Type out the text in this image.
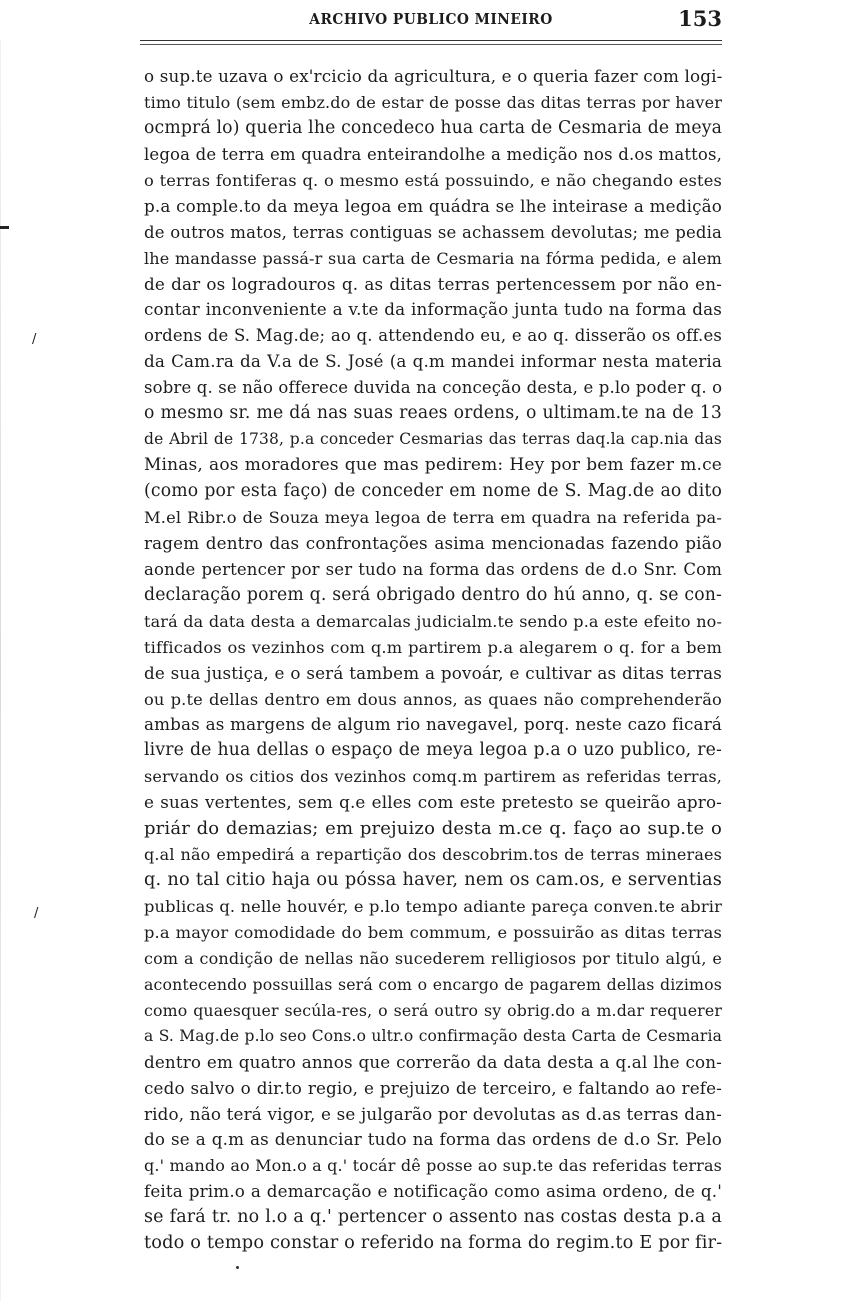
ARCHIVO PUBLICO MINEIRO	153
/
/
o sup.te uzava o ex'rcicio da agricultura, e o queria fazer com logi-
timo titulo (sem embz.do de estar de posse das ditas terras por haver
ocmprá lo) queria lhe concedeco hua carta de Cesmaria de meya
legoa de terra em quadra enteirandolhe a medição nos d.os mattos,
o terras fontiferas q. o mesmo está possuindo, e não chegando estes
p.a comple.to da meya legoa em quádra se lhe inteirase a medição
de outros matos, terras contiguas se achassem devolutas; me pedia
lhe mandasse passá-r sua carta de Cesmaria na fórma pedida, e alem
de dar os logradouros q. as ditas terras pertencessem por não en-
contar inconveniente a v.te da informação junta tudo na forma das
ordens de S. Mag.de; ao q. attendendo eu, e ao q. disserão os off.es
da Cam.ra da V.a de S. José (a q.m mandei informar nesta materia
sobre q. se não offerece duvida na conceção desta, e p.lo poder q. o
o mesmo sr. me dá nas suas reaes ordens, o ultimam.te na de 13
de Abril de 1738, p.a conceder Cesmarias das terras daq.la cap.nia das
Minas, aos moradores que mas pedirem: Hey por bem fazer m.ce
(como por esta faço) de conceder em nome de S. Mag.de ao dito
M.el Ribr.o de Souza meya legoa de terra em quadra na referida pa-
ragem dentro das confrontações asima mencionadas fazendo pião
aonde pertencer por ser tudo na forma das ordens de d.o Snr. Com
declaração porem q. será obrigado dentro do hú anno, q. se con-
tará da data desta a demarcalas judicialm.te sendo p.a este efeito no-
tifficados os vezinhos com q.m partirem p.a alegarem o q. for a bem
de sua justiça, e o será tambem a povoár, e cultivar as ditas terras
ou p.te dellas dentro em dous annos, as quaes não comprehenderão
ambas as margens de algum rio navegavel, porq. neste cazo ficará
livre de hua dellas o espaço de meya legoa p.a o uzo publico, re-
servando os citios dos vezinhos comq.m partirem as referidas terras,
e suas vertentes, sem q.e elles com este pretesto se queirão apro-
priár do demazias; em prejuizo desta m.ce q. faço ao sup.te o
q.al não empedirá a repartição dos descobrim.tos de terras mineraes
q. no tal citio haja ou póssa haver, nem os cam.os, e serventias
publicas q. nelle houvér, e p.lo tempo adiante pareça conven.te abrir
p.a mayor comodidade do bem commum, e possuirão as ditas terras
com a condição de nellas não sucederem relligiosos por titulo algú, e
acontecendo possuillas será com o encargo de pagarem dellas dizimos
como quaesquer secúla-res, o será outro sy obrig.do a m.dar requerer
a S. Mag.de p.lo seo Cons.o ultr.o confirmação desta Carta de Cesmaria
dentro em quatro annos que correrão da data desta a q.al lhe con-
cedo salvo o dir.to regio, e prejuizo de terceiro, e faltando ao refe-
rido, não terá vigor, e se julgarão por devolutas as d.as terras dan-
do se a q.m as denunciar tudo na forma das ordens de d.o Sr. Pelo
q.' mando ao Mon.o a q.' tocár dê posse ao sup.te das referidas terras
feita prim.o a demarcação e notificação como asima ordeno, de q.'
se fará tr. no l.o a q.' pertencer o assento nas costas desta p.a a
todo o tempo constar o referido na forma do regim.to E por fir-
